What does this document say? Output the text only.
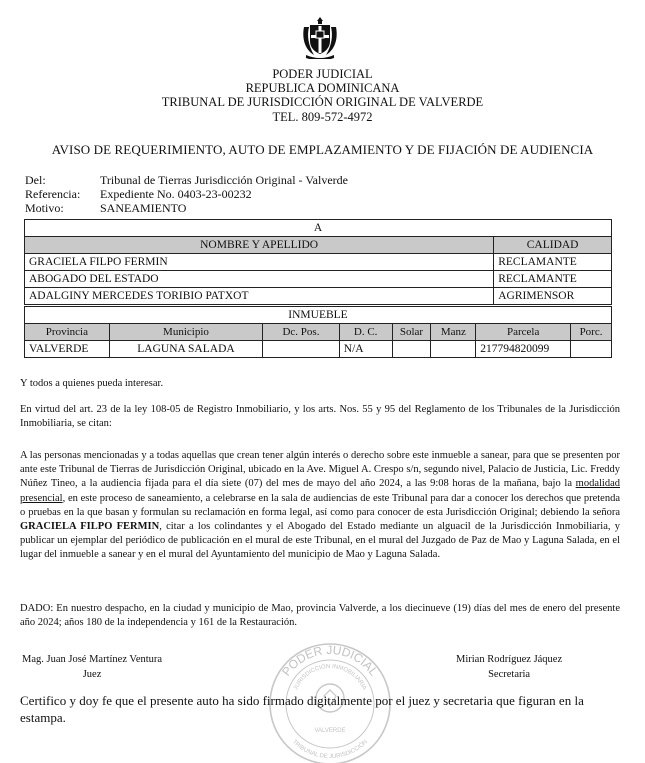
PODER JUDICIAL
REPUBLICA DOMINICANA
TRIBUNAL DE JURISDICCIÓN ORIGINAL DE VALVERDE
TEL. 809-572-4972
AVISO DE REQUERIMIENTO, AUTO DE EMPLAZAMIENTO Y DE FIJACIÓN DE AUDIENCIA
Del:	Tribunal de Tierras Jurisdicción Original - Valverde
Referencia:	Expediente No. 0403-23-00232
Motivo:	SANEAMIENTO
A	
NOMBRE Y APELLIDO	CALIDAD
GRACIELA FILPO FERMIN	RECLAMANTE
ABOGADO DEL ESTADO	RECLAMANTE
ADALGINY MERCEDES TORIBIO PATXOT	AGRIMENSOR
INMUEBLE							
Provincia	Municipio	Dc. Pos.	D. C.	Solar	Manz	Parcela	Porc.
VALVERDE	LAGUNA SALADA		N/A			217794820099	
Y todos a quienes pueda interesar.
En virtud del art. 23 de la ley 108-05 de Registro Inmobiliario, y los arts. Nos. 55 y 95 del Reglamento de los Tribunales de la Jurisdicción Inmobiliaria, se citan:
A las personas mencionadas y a todas aquellas que crean tener algún interés o derecho sobre este inmueble a sanear, para que se presenten por ante este Tribunal de Tierras de Jurisdicción Original, ubicado en la Ave. Miguel A. Crespo s/n, segundo nivel, Palacio de Justicia, Lic. Freddy Núñez Tineo, a la audiencia fijada para el día siete (07) del mes de mayo del año 2024, a las 9:08 horas de la mañana, bajo la modalidad presencial, en este proceso de saneamiento, a celebrarse en la sala de audiencias de este Tribunal para dar a conocer los derechos que pretenda o pruebas en la que basan y formulan su reclamación en forma legal, así como para conocer de esta Jurisdicción Original; debiendo la señora GRACIELA FILPO FERMIN, citar a los colindantes y el Abogado del Estado mediante un alguacil de la Jurisdicción Inmobiliaria, y publicar un ejemplar del periódico de publicación en el mural de este Tribunal, en el mural del Juzgado de Paz de Mao y Laguna Salada, en el lugar del inmueble a sanear y en el mural del Ayuntamiento del municipio de Mao y Laguna Salada.
DADO: En nuestro despacho, en la ciudad y municipio de Mao, provincia Valverde, a los diecinueve (19) días del mes de enero del presente año 2024; años 180 de la independencia y 161 de la Restauración.
Mag. Juan José Martínez Ventura
Juez
Mirian Rodríguez Jáquez
Secretaria
PODER JUDICIAL
JURISDICCIÓN INMOBILIARIA
VALVERDE
TRIBUNAL DE JURISDICCIÓN
Certifico y doy fe que el presente auto ha sido firmado digitalmente por el juez y secretaria que figuran en la estampa.
